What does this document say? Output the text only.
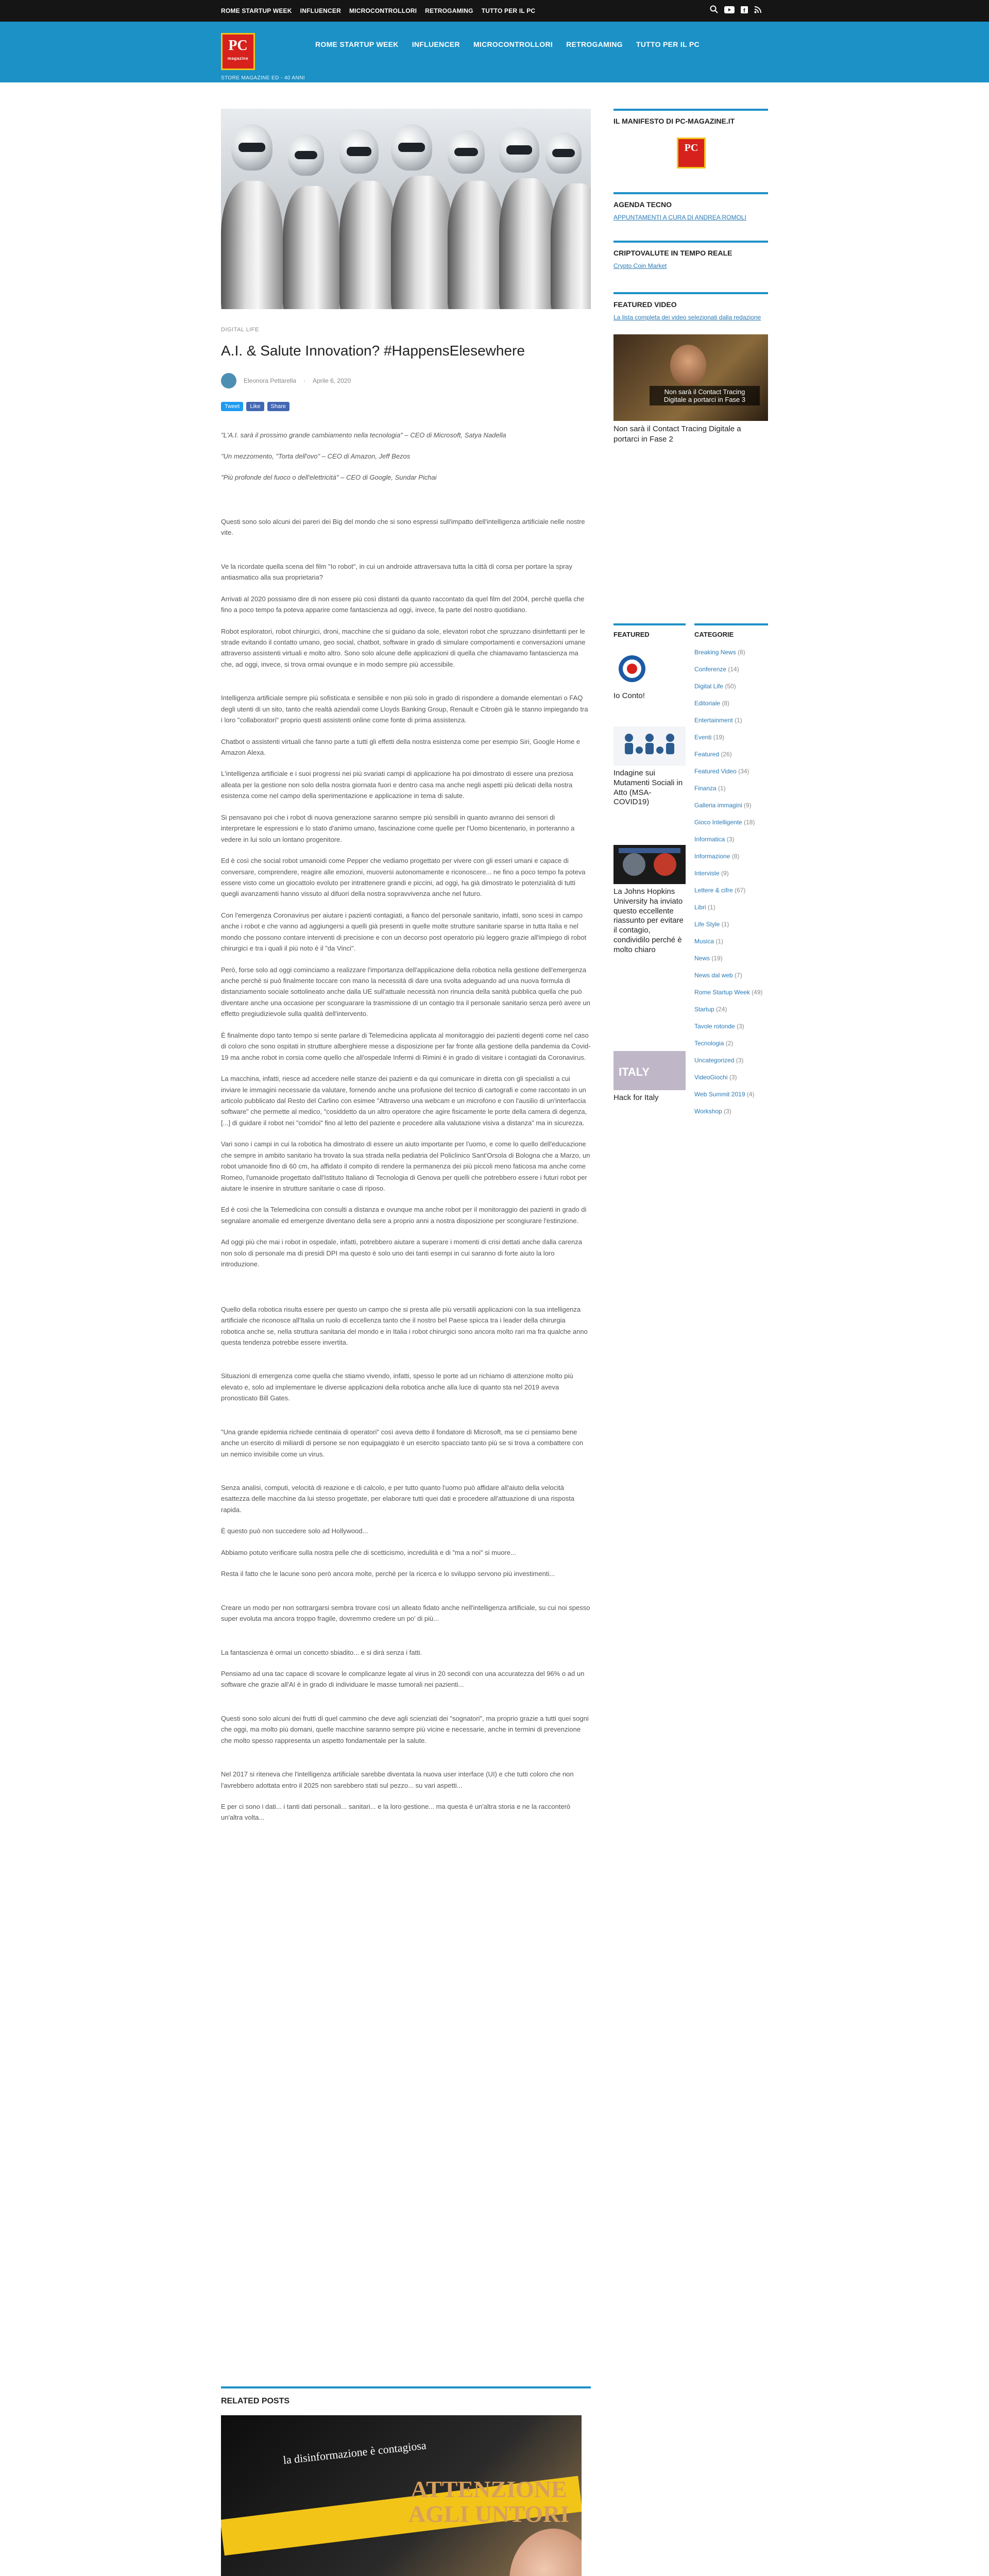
ROME STARTUP WEEK INFLUENCER MICROCONTROLLORI RETROGAMING TUTTO PER IL PC	f
PC
magazine
STORE MAGAZINE ED - 40 ANNI
ROME STARTUP WEEK INFLUENCER MICROCONTROLLORI RETROGAMING TUTTO PER IL PC
DIGITAL LIFE
A.I. & Salute Innovation? #HappensElesewhere
Eleonora Pettarella · Aprile 6, 2020
Tweet	Like	Share

"L'A.I. sarà il prossimo grande cambiamento nella tecnologia" – CEO di Microsoft, Satya Nadella

"Un mezzomento, "Torta dell'ovo" – CEO di Amazon, Jeff Bezos

"Più profonde del fuoco o dell'elettricità" – CEO di Google, Sundar Pichai

Questi sono solo alcuni dei pareri dei Big del mondo che si sono espressi sull'impatto dell'intelligenza artificiale nelle nostre vite.

Ve la ricordate quella scena del film "Io robot", in cui un androide attraversava tutta la città di corsa per portare la spray antiasmatico alla sua proprietaria?

Arrivati al 2020 possiamo dire di non essere più così distanti da quanto raccontato da quel film del 2004, perchè quella che fino a poco tempo fa poteva apparire come fantascienza ad oggi, invece, fa parte del nostro quotidiano.

Robot esploratori, robot chirurgici, droni, macchine che si guidano da sole, elevatori robot che spruzzano disinfettanti per le strade evitando il contatto umano, geo social, chatbot, software in grado di simulare comportamenti e conversazioni umane attraverso assistenti virtuali e molto altro. Sono solo alcune delle applicazioni di quella che chiamavamo fantascienza ma che, ad oggi, invece, si trova ormai ovunque e in modo sempre più accessibile.

Intelligenza artificiale sempre più sofisticata e sensibile e non più solo in grado di rispondere a domande elementari o FAQ degli utenti di un sito, tanto che realtà aziendali come Lloyds Banking Group, Renault e Citroën già le stanno impiegando tra i loro "collaboratori" proprio questi assistenti online come fonte di prima assistenza.

Chatbot o assistenti virtuali che fanno parte a tutti gli effetti della nostra esistenza come per esempio Siri, Google Home e Amazon Alexa.

L'intelligenza artificiale e i suoi progressi nei più svariati campi di applicazione ha poi dimostrato di essere una preziosa alleata per la gestione non solo della nostra giornata fuori e dentro casa ma anche negli aspetti più delicati della nostra esistenza come nel campo della sperimentazione e applicazione in tema di salute.

Si pensavano poi che i robot di nuova generazione saranno sempre più sensibili in quanto avranno dei sensori di interpretare le espressioni e lo stato d'animo umano, fascinazione come quelle per l'Uomo bicentenario, in porteranno a vedere in lui solo un lontano progenitore.

Ed è così che social robot umanoidi come Pepper che vediamo progettato per vivere con gli esseri umani e capace di conversare, comprendere, reagire alle emozioni, muoversi autonomamente e riconoscere... ne fino a poco tempo fa poteva essere visto come un giocattolo evoluto per intrattenere grandi e piccini, ad oggi, ha già dimostrato le potenzialità di tutti quegli avanzamenti hanno vissuto al difuori della nostra sopravvivenza anche nel futuro.

Con l'emergenza Coronavirus per aiutare i pazienti contagiati, a fianco del personale sanitario, infatti, sono scesi in campo anche i robot e che vanno ad aggiungersi a quelli già presenti in quelle molte strutture sanitarie sparse in tutta Italia e nel mondo che possono contare interventi di precisione e con un decorso post operatorio più leggero grazie all'impiego di robot chirurgici e tra i quali il più noto è il "da Vinci".

Però, forse solo ad oggi cominciamo a realizzare l'importanza dell'applicazione della robotica nella gestione dell'emergenza anche perché si può finalmente toccare con mano la necessità di dare una svolta adeguando ad una nuova formula di distanziamento sociale sottolineato anche dalla UE sull'attuale necessità non rinuncia della sanità pubblica quella che può diventare anche una occasione per sconguarare la trasmissione di un contagio tra il personale sanitario senza però avere un effetto pregiudizievole sulla qualità dell'intervento.

È finalmente dopo tanto tempo si sente parlare di Telemedicina applicata al monitoraggio dei pazienti degenti come nel caso di coloro che sono ospitati in strutture alberghiere messe a disposizione per far fronte alla gestione della pandemia da Covid-19 ma anche robot in corsia come quello che all'ospedale Infermi di Rimini è in grado di visitare i contagiati da Coronavirus.

La macchina, infatti, riesce ad accedere nelle stanze dei pazienti e da qui comunicare in diretta con gli specialisti a cui inviare le immagini necessarie da valutare, fornendo anche una profusione del tecnico di cartografi e come raccontato in un articolo pubblicato dal Resto del Carlino con esimee "Attraverso una webcam e un microfono e con l'ausilio di un'interfaccia software" che permette al medico, "cosiddetto da un altro operatore che agire fisicamente le porte della camera di degenza, [...] di guidare il robot nei "corridoi" fino al letto del paziente e procedere alla valutazione visiva a distanza" ma in sicurezza.

Vari sono i campi in cui la robotica ha dimostrato di essere un aiuto importante per l'uomo, e come lo quello dell'educazione che sempre in ambito sanitario ha trovato la sua strada nella pediatria del Policlinico Sant'Orsola di Bologna che a Marzo, un robot umanoide fino di 60 cm, ha affidato il compito di rendere la permanenza dei più piccoli meno faticosa ma anche come Romeo, l'umanoide progettato dall'Istituto Italiano di Tecnologia di Genova per quelli che potrebbero essere i futuri robot per aiutare le insenire in strutture sanitarie o case di riposo.

Ed è così che la Telemedicina con consulti a distanza e ovunque ma anche robot per il monitoraggio dei pazienti in grado di segnalare anomalie ed emergenze diventano della sere a proprio anni a nostra disposizione per scongiurare l'estinzione.

Ad oggi più che mai i robot in ospedale, infatti, potrebbero aiutare a superare i momenti di crisi dettati anche dalla carenza non solo di personale ma di presidi DPI ma questo è solo uno dei tanti esempi in cui saranno di forte aiuto la loro introduzione.

Quello della robotica risulta essere per questo un campo che si presta alle più versatili applicazioni con la sua intelligenza artificiale che riconosce all'Italia un ruolo di eccellenza tanto che il nostro bel Paese spicca tra i leader della chirurgia robotica anche se, nella struttura sanitaria del mondo e in Italia i robot chirurgici sono ancora molto rari ma fra qualche anno questa tendenza potrebbe essere invertita.

Situazioni di emergenza come quella che stiamo vivendo, infatti, spesso le porte ad un richiamo di attenzione molto più elevato e, solo ad implementare le diverse applicazioni della robotica anche alla luce di quanto sta nel 2019 aveva pronosticato Bill Gates.

"Una grande epidemia richiede centinaia di operatori" così aveva detto il fondatore di Microsoft, ma se ci pensiamo bene anche un esercito di miliardi di persone se non equipaggiato è un esercito spacciato tanto più se si trova a combattere con un nemico invisibile come un virus.

Senza analisi, computi, velocità di reazione e di calcolo, e per tutto quanto l'uomo può affidare all'aiuto della velocità esattezza delle macchine da lui stesso progettate, per elaborare tutti quei dati e procedere all'attuazione di una risposta rapida.

È questo può non succedere solo ad Hollywood...

Abbiamo potuto verificare sulla nostra pelle che di scetticismo, incredulità e di "ma a noi" si muore...

Resta il fatto che le lacune sono però ancora molte, perché per la ricerca e lo sviluppo servono più investimenti...

Creare un modo per non sottrargarsi sembra trovare così un alleato fidato anche nell'intelligenza artificiale, su cui noi spesso super evoluta ma ancora troppo fragile, dovremmo credere un po' di più...

La fantascienza è ormai un concetto sbiadito... e si dirà senza i fatti.

Pensiamo ad una tac capace di scovare le complicanze legate al virus in 20 secondi con una accuratezza del 96% o ad un software che grazie all'AI è in grado di individuare le masse tumorali nei pazienti...

Questi sono solo alcuni dei frutti di quel cammino che deve agli scienziati dei "sognatori", ma proprio grazie a tutti quei sogni che oggi, ma molto più domani, quelle macchine saranno sempre più vicine e necessarie, anche in termini di prevenzione che molto spesso rappresenta un aspetto fondamentale per la salute.

Nel 2017 si riteneva che l'intelligenza artificiale sarebbe diventata la nuova user interface (UI) e che tutti coloro che non l'avrebbero adottata entro il 2025 non sarebbero stati sul pezzo... su vari aspetti...

E per ci sono i dati... i tanti dati personali... sanitari... e la loro gestione... ma questa è un'altra storia e ne la racconterò un'altra volta...

RELATED POSTS
la disinformazione è contagiosa
ATTENZIONE AGLI UNTORI
IL MANIFESTO DI PC-MAGAZINE.IT
PC
AGENDA TECNO
APPUNTAMENTI A CURA DI ANDREA ROMOLI
CRIPTOVALUTE IN TEMPO REALE
Crypto Coin Market
FEATURED VIDEO
La lista completa dei video selezionati dalla redazione
Non sarà il Contact Tracing Digitale a portarci in Fase 3
Non sarà il Contact Tracing Digitale a portarci in Fase 2
FEATURED	CATEGORIE
Io Conto!
Indagine sui Mutamenti Sociali in Atto (MSA-COVID19)
La Johns Hopkins University ha inviato questo eccellente riassunto per evitare il contagio, condividilo perché è molto chiaro
ITALY
Hack for Italy
Breaking News (8)
Conferenze (14)
Digital Life (50)
Editoriale (8)
Entertainment (1)
Eventi (19)
Featured (26)
Featured Video (34)
Finanza (1)
Galleria immagini (9)
Gioco Intelligente (18)
Informatica (3)
Informazione (8)
Interviste (9)
Lettere & cifre (67)
Libri (1)
Life Style (1)
Musica (1)
News (19)
News dal web (7)
Rome Startup Week (49)
Startup (24)
Tavole rotonde (3)
Tecnologia (2)
Uncategorized (3)
VideoGiochi (3)
Web Summit 2019 (4)
Workshop (3)
